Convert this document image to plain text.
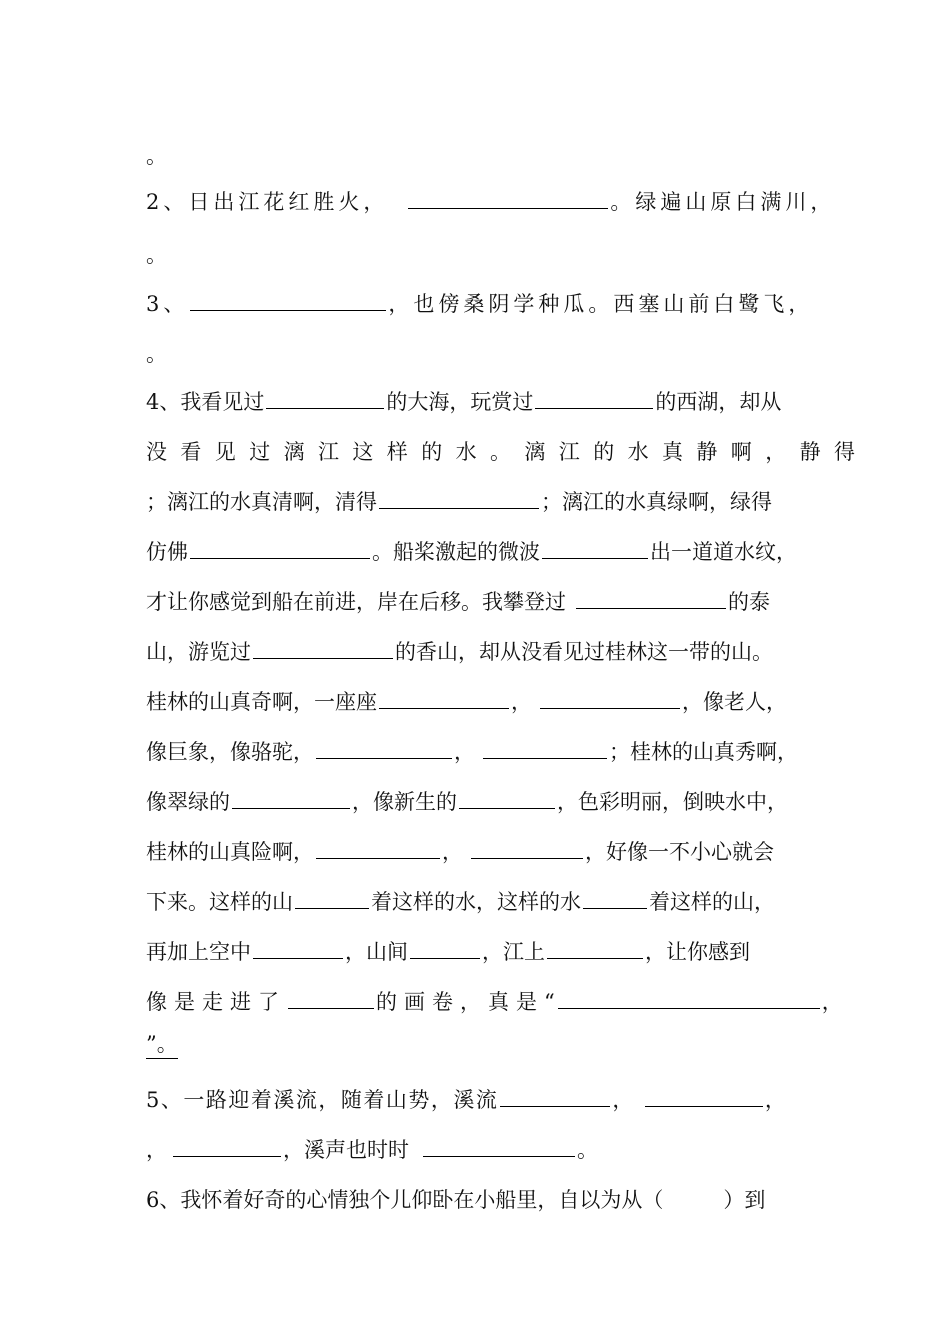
。
2、日出江花红胜火，	。绿遍山原白满川，
。
3、	，也傍桑阴学种瓜。西塞山前白鹭飞，
。
4、我看见过	的大海，玩赏过	的西湖，却从
没看见过漓江这样的水。漓江的水真静啊，静得
；漓江的水真清啊，清得	；漓江的水真绿啊，绿得
仿佛	。船桨激起的微波	出一道道水纹，
才让你感觉到船在前进，岸在后移。我攀登过	的泰
山，游览过	的香山，却从没看见过桂林这一带的山。
桂林的山真奇啊，一座座	，	，像老人，
像巨象，像骆驼，	，	；桂林的山真秀啊，
像翠绿的	，像新生的	，色彩明丽，倒映水中，
桂林的山真险啊，	，	，好像一不小心就会
下来。这样的山	着这样的水，这样的水	着这样的山，
再加上空中	，山间	，江上	，让你感到
像是走进了	的画卷，真是“	，
”。
5、一路迎着溪流，随着山势，溪流	，	，
，	，溪声也时时	。
6、我怀着好奇的心情独个儿仰卧在小船里，自以为从（	）到
